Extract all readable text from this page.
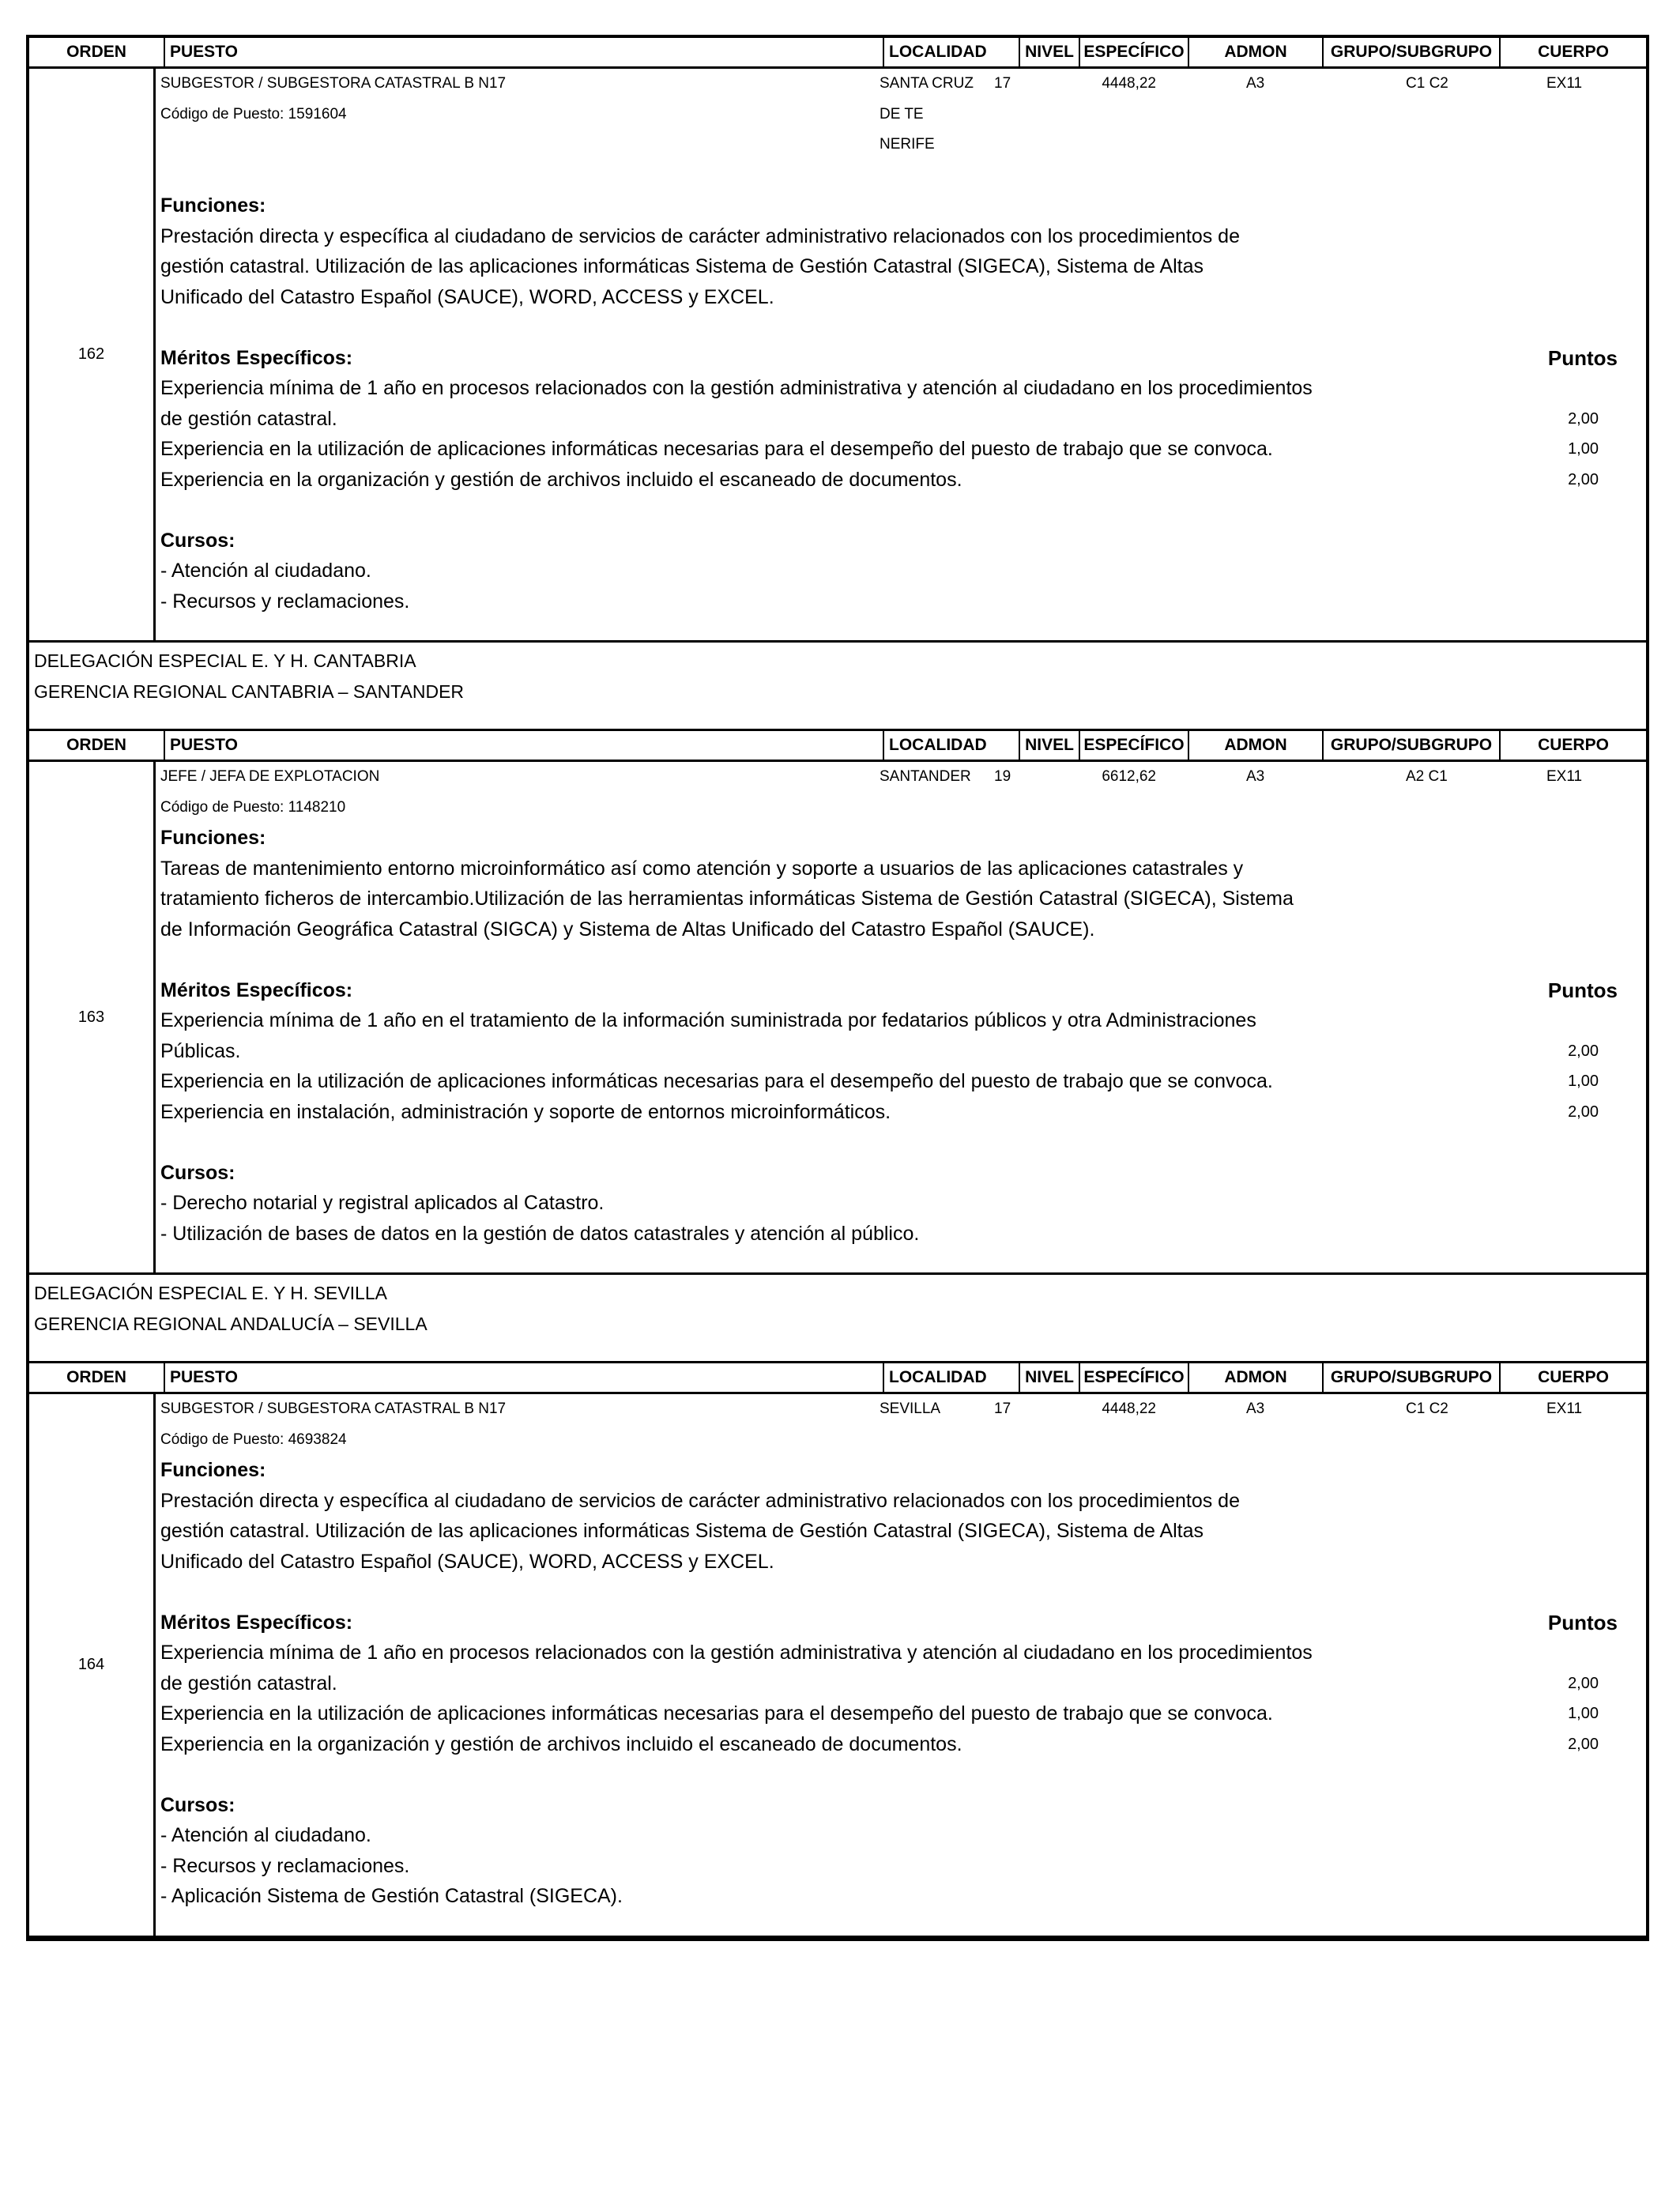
ORDEN	PUESTO	LOCALIDAD	NIVEL ESPECÍFICO	ADMON	GRUPO/SUBGRUPO	CUERPO
162
SUBGESTOR / SUBGESTORA CATASTRAL B N17	SANTA CRUZ 17	4448,22	A3	C1 C2	EX11
Código de Puesto: 1591604	DE TE
NERIFE
Funciones:
Prestación directa y específica al ciudadano de servicios de carácter administrativo relacionados con los procedimientos de
gestión catastral. Utilización de las aplicaciones informáticas Sistema de Gestión Catastral (SIGECA), Sistema de Altas
Unificado del Catastro Español (SAUCE), WORD, ACCESS y EXCEL.
Méritos Específicos:	Puntos
Experiencia mínima de 1 año en procesos relacionados con la gestión administrativa y atención al ciudadano en los procedimientos
de gestión catastral.	2,00
Experiencia en la utilización de aplicaciones informáticas necesarias para el desempeño del puesto de trabajo que se convoca.	1,00
Experiencia en la organización y gestión de archivos incluido el escaneado de documentos.	2,00
Cursos:
- Atención al ciudadano.
- Recursos y reclamaciones.
DELEGACIÓN ESPECIAL E. Y H. CANTABRIA
GERENCIA REGIONAL CANTABRIA – SANTANDER
ORDEN	PUESTO	LOCALIDAD	NIVEL ESPECÍFICO	ADMON	GRUPO/SUBGRUPO	CUERPO
163
JEFE / JEFA DE EXPLOTACION	SANTANDER 19	6612,62	A3	A2 C1	EX11
Código de Puesto: 1148210
Funciones:
Tareas de mantenimiento entorno microinformático así como atención y soporte a usuarios de las aplicaciones catastrales y
tratamiento ficheros de intercambio.Utilización de las herramientas informáticas Sistema de Gestión Catastral (SIGECA), Sistema
de Información Geográfica Catastral (SIGCA) y Sistema de Altas Unificado del Catastro Español (SAUCE).
Méritos Específicos:	Puntos
Experiencia mínima de 1 año en el tratamiento de la información suministrada por fedatarios públicos y otra Administraciones
Públicas.	2,00
Experiencia en la utilización de aplicaciones informáticas necesarias para el desempeño del puesto de trabajo que se convoca.	1,00
Experiencia en instalación, administración y soporte de entornos microinformáticos.	2,00
Cursos:
- Derecho notarial y registral aplicados al Catastro.
- Utilización de bases de datos en la gestión de datos catastrales y atención al público.
DELEGACIÓN ESPECIAL E. Y H. SEVILLA
GERENCIA REGIONAL ANDALUCÍA – SEVILLA
ORDEN	PUESTO	LOCALIDAD	NIVEL ESPECÍFICO	ADMON	GRUPO/SUBGRUPO	CUERPO
164
SUBGESTOR / SUBGESTORA CATASTRAL B N17	SEVILLA	17	4448,22	A3	C1 C2	EX11
Código de Puesto: 4693824
Funciones:
Prestación directa y específica al ciudadano de servicios de carácter administrativo relacionados con los procedimientos de
gestión catastral. Utilización de las aplicaciones informáticas Sistema de Gestión Catastral (SIGECA), Sistema de Altas
Unificado del Catastro Español (SAUCE), WORD, ACCESS y EXCEL.
Méritos Específicos:	Puntos
Experiencia mínima de 1 año en procesos relacionados con la gestión administrativa y atención al ciudadano en los procedimientos
de gestión catastral.	2,00
Experiencia en la utilización de aplicaciones informáticas necesarias para el desempeño del puesto de trabajo que se convoca.	1,00
Experiencia en la organización y gestión de archivos incluido el escaneado de documentos.	2,00
Cursos:
- Atención al ciudadano.
- Recursos y reclamaciones.
- Aplicación Sistema de Gestión Catastral (SIGECA).
